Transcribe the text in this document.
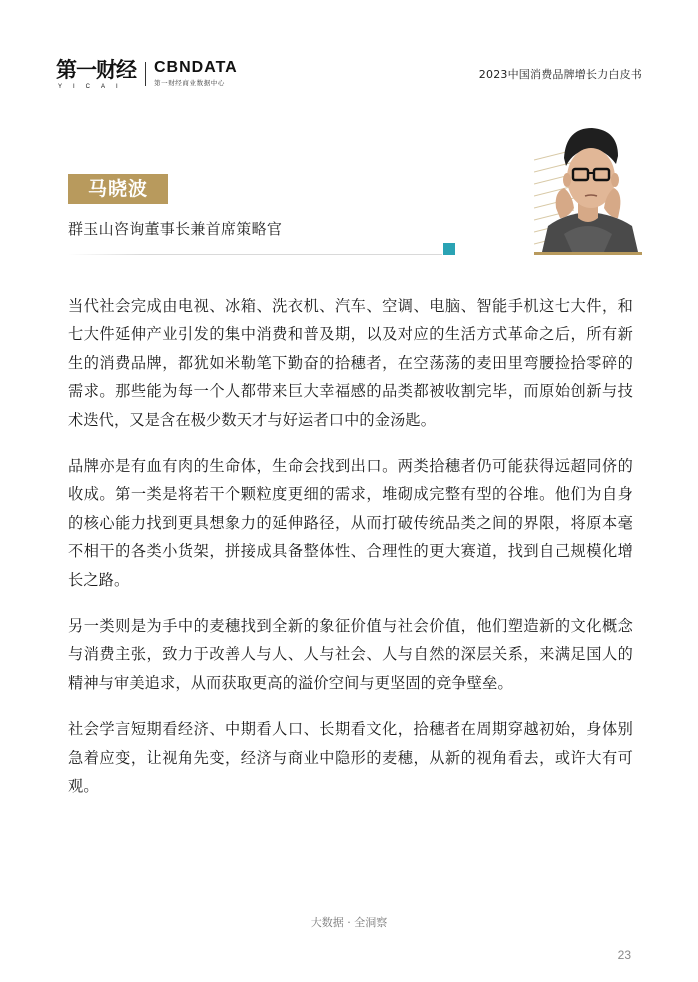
第一财经
YICAI
CBNDATA
第一财经商业数据中心
2023中国消费品牌增长力白皮书
马晓波
群玉山咨询董事长兼首席策略官

当代社会完成由电视、冰箱、洗衣机、汽车、空调、电脑、智能手机这七大件，和七大件延伸产业引发的集中消费和普及期，以及对应的生活方式革命之后，所有新生的消费品牌，都犹如米勒笔下勤奋的拾穗者，在空荡荡的麦田里弯腰捡拾零碎的需求。那些能为每一个人都带来巨大幸福感的品类都被收割完毕，而原始创新与技术迭代，又是含在极少数天才与好运者口中的金汤匙。

品牌亦是有血有肉的生命体，生命会找到出口。两类拾穗者仍可能获得远超同侪的收成。第一类是将若干个颗粒度更细的需求，堆砌成完整有型的谷堆。他们为自身的核心能力找到更具想象力的延伸路径，从而打破传统品类之间的界限，将原本毫不相干的各类小货架，拼接成具备整体性、合理性的更大赛道，找到自己规模化增长之路。

另一类则是为手中的麦穗找到全新的象征价值与社会价值，他们塑造新的文化概念与消费主张，致力于改善人与人、人与社会、人与自然的深层关系，来满足国人的精神与审美追求，从而获取更高的溢价空间与更坚固的竞争壁垒。

社会学言短期看经济、中期看人口、长期看文化，拾穗者在周期穿越初始，身体别急着应变，让视角先变，经济与商业中隐形的麦穗，从新的视角看去，或许大有可观。

大数据 · 全洞察
23
